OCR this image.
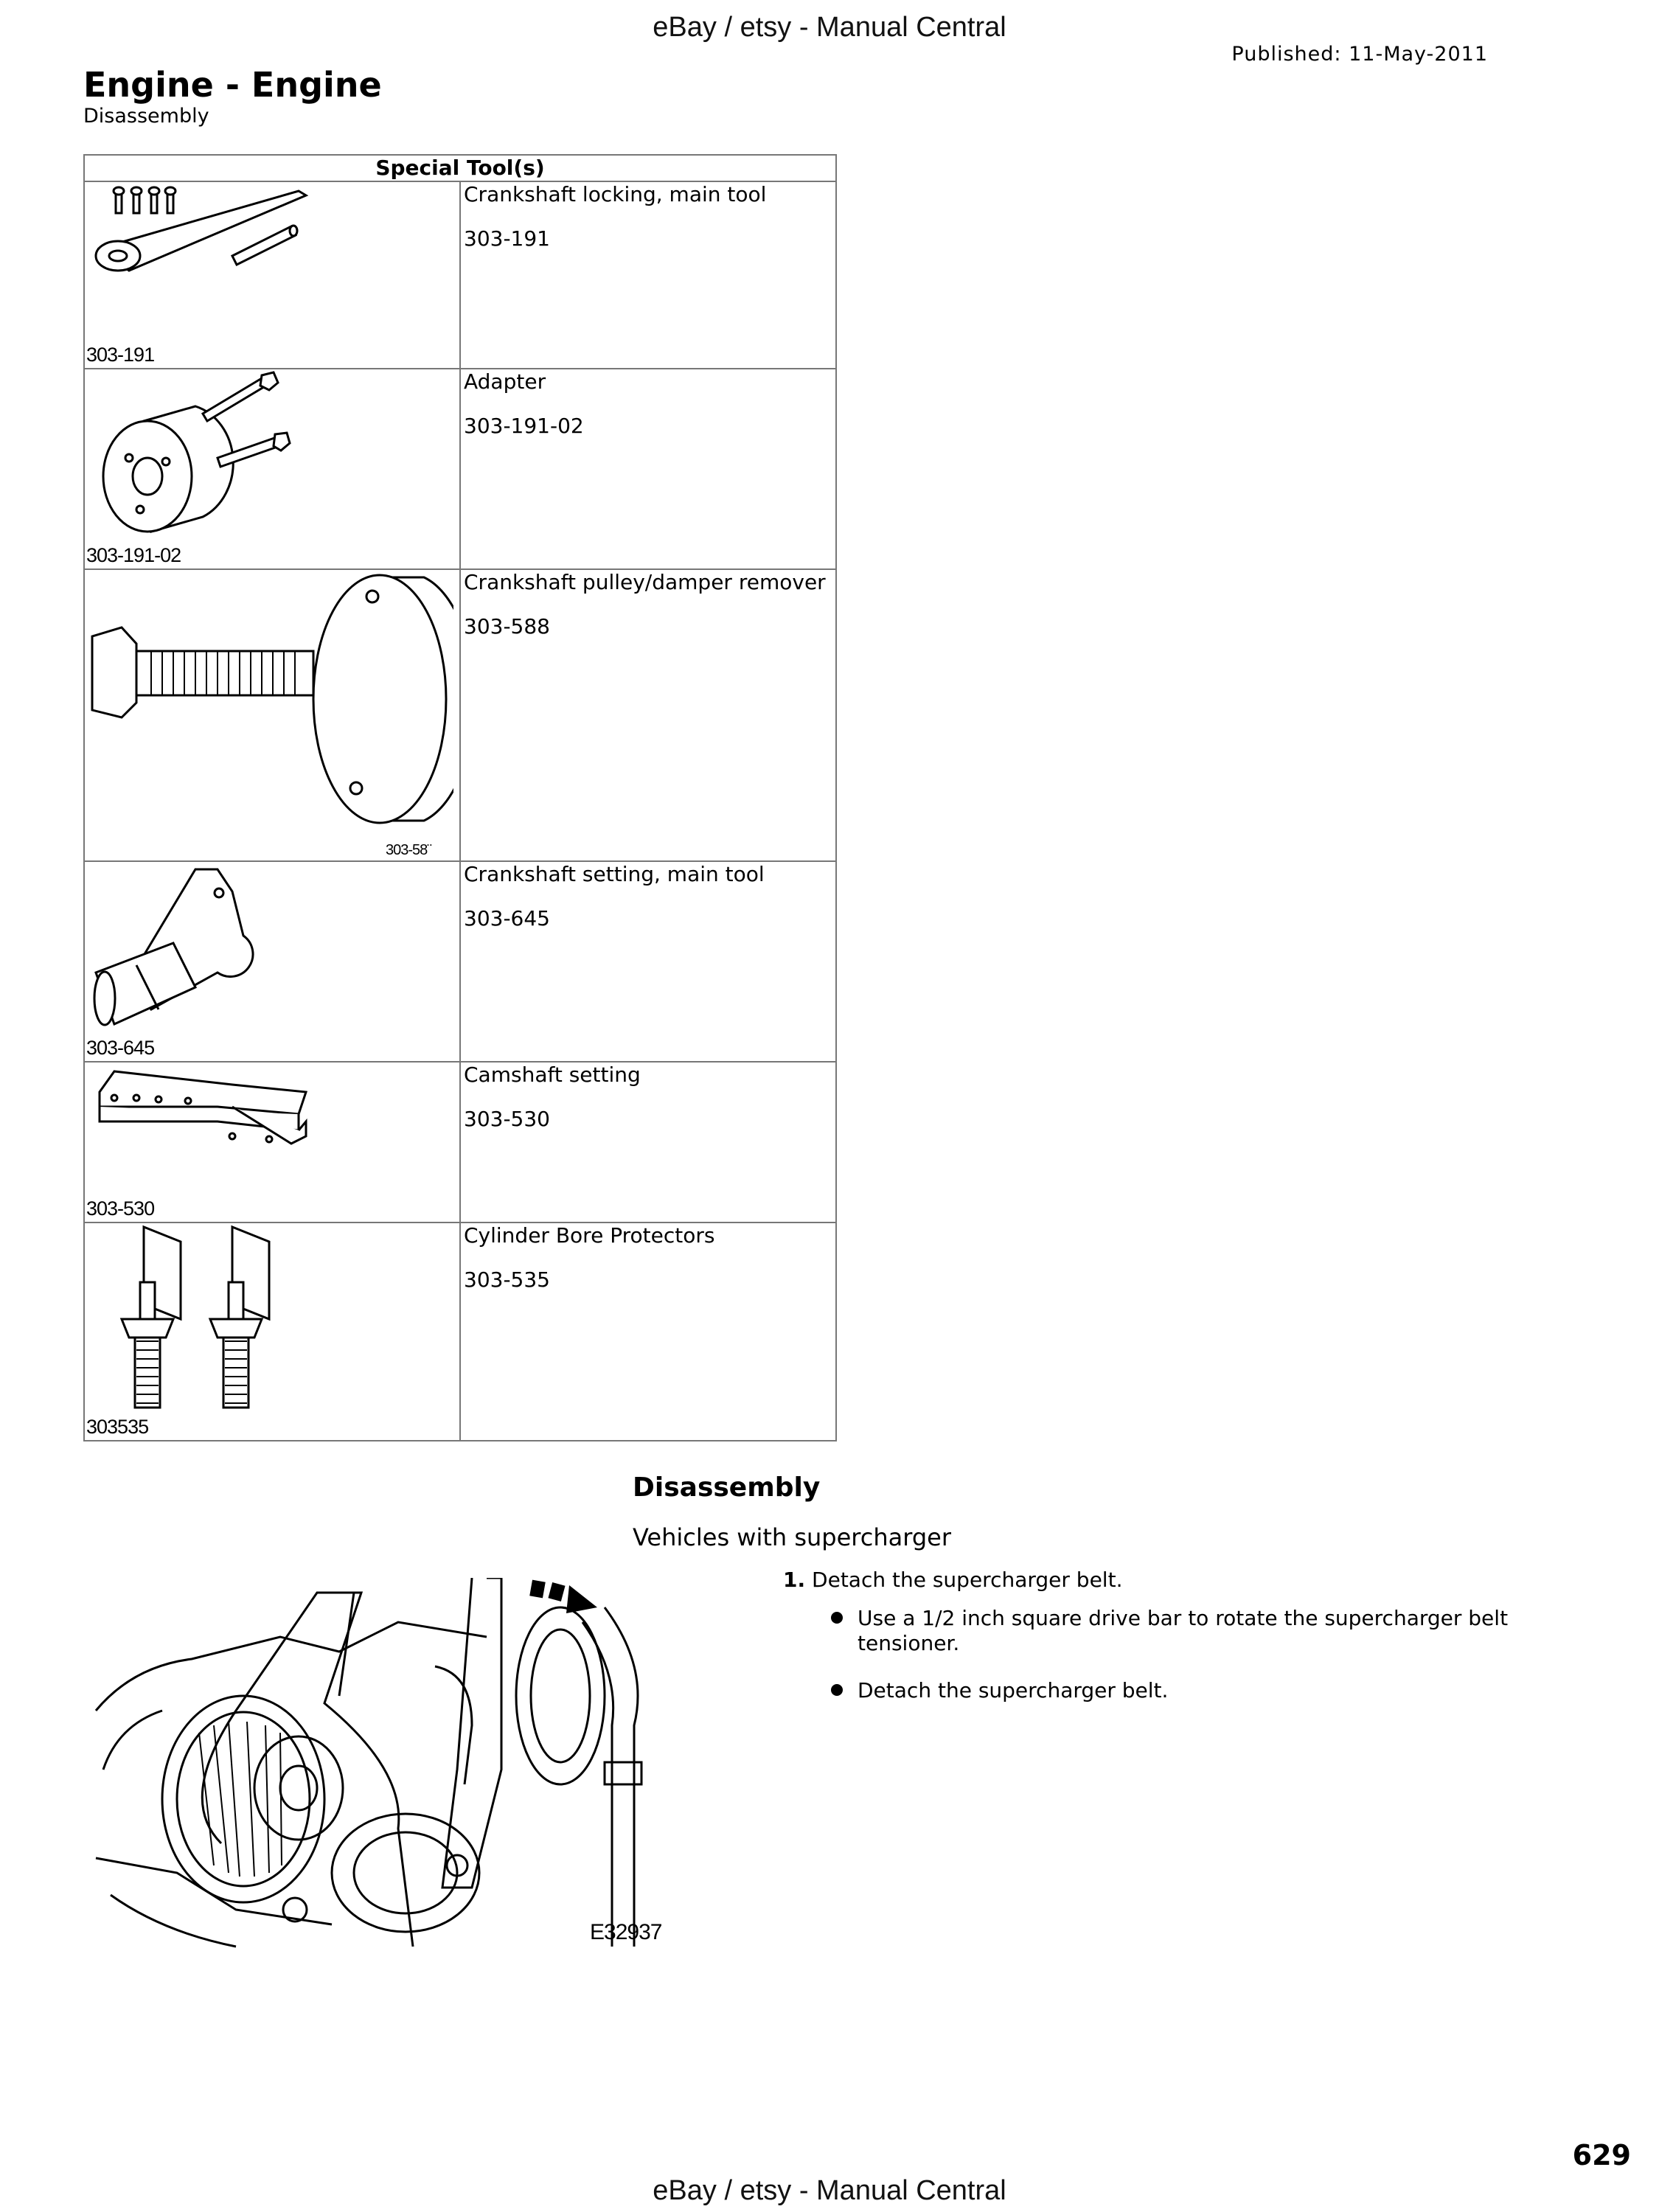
eBay / etsy - Manual Central
Published: 11-May-2011
Engine - Engine
Disassembly
Special Tool(s)	

303-191	Crankshaft locking, main tool
303-191

303-191-02	Adapter
303-191-02

303-58¨	Crankshaft pulley/damper remover
303-588

303-645	Crankshaft setting, main tool
303-645

303-530	Camshaft setting
303-530

303535	Cylinder Bore Protectors
303-535
Disassembly
Vehicles with supercharger
1. Detach the supercharger belt.
Use a 1/2 inch square drive bar to rotate the supercharger belt tensioner.
Detach the supercharger belt.
E32937
629
eBay / etsy - Manual Central
